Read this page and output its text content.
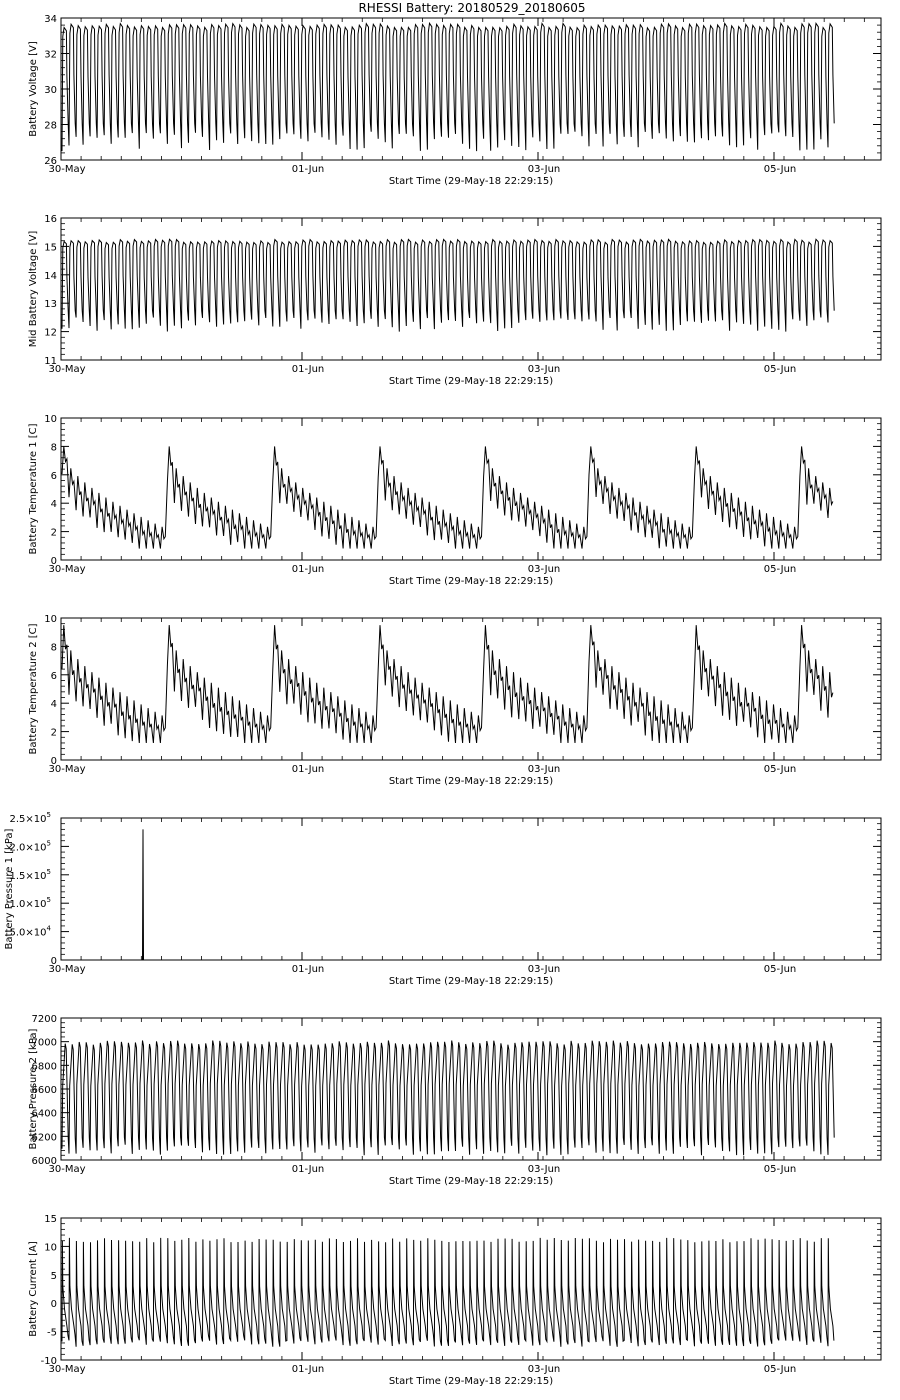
RHESSI Battery: 20180529_20180605
30-May	01-Jun	03-Jun	05-Jun
26
28
30
32
34
Battery Voltage [V]
Start Time (29-May-18 22:29:15)
30-May	01-Jun	03-Jun	05-Jun
11
12
13
14
15
16
Mid Battery Voltage [V]
Start Time (29-May-18 22:29:15)
30-May	01-Jun	03-Jun	05-Jun
0
2
4
6
8
10
Battery Temperature 1 [C]
Start Time (29-May-18 22:29:15)
30-May	01-Jun	03-Jun	05-Jun
0
2
4
6
8
10
Battery Temperature 2 [C]
Start Time (29-May-18 22:29:15)
30-May	01-Jun	03-Jun	05-Jun
0
$5.0\times 10^4$
$1.0\times 10^5$
$1.5\times 10^5$
$2.0\times 10^5$
$2.5\times 10^5$
Battery Pressure 1 [kPa]
Start Time (29-May-18 22:29:15)
30-May	01-Jun	03-Jun	05-Jun
6000
6200
6400
6600
6800
7000
7200
Battery Pressure 2 [kPa]
Start Time (29-May-18 22:29:15)
30-May	01-Jun	03-Jun	05-Jun
-10
-5
0
5
10
15
Battery Current [A]
Start Time (29-May-18 22:29:15)
